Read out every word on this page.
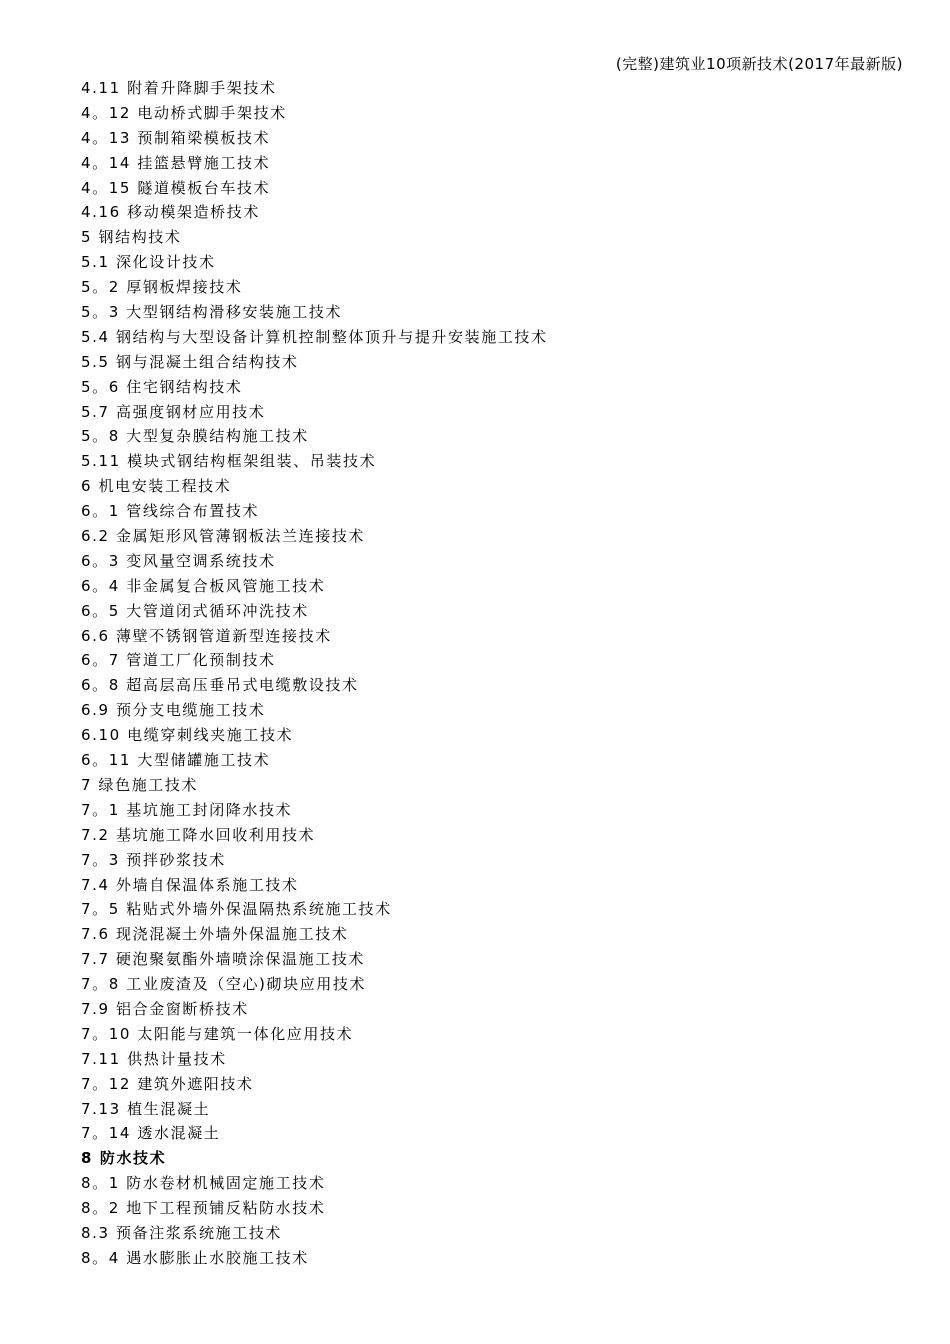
(完整)建筑业10项新技术(2017年最新版)
4.11 附着升降脚手架技术
4。12 电动桥式脚手架技术
4。13 预制箱梁模板技术
4。14 挂篮悬臂施工技术
4。15 隧道模板台车技术
4.16 移动模架造桥技术
5 钢结构技术
5.1 深化设计技术
5。2 厚钢板焊接技术
5。3 大型钢结构滑移安装施工技术
5.4 钢结构与大型设备计算机控制整体顶升与提升安装施工技术
5.5 钢与混凝土组合结构技术
5。6 住宅钢结构技术
5.7 高强度钢材应用技术
5。8 大型复杂膜结构施工技术
5.11 模块式钢结构框架组装、吊装技术
6 机电安装工程技术
6。1 管线综合布置技术
6.2 金属矩形风管薄钢板法兰连接技术
6。3 变风量空调系统技术
6。4 非金属复合板风管施工技术
6。5 大管道闭式循环冲洗技术
6.6 薄壁不锈钢管道新型连接技术
6。7 管道工厂化预制技术
6。8 超高层高压垂吊式电缆敷设技术
6.9 预分支电缆施工技术
6.10 电缆穿刺线夹施工技术
6。11 大型储罐施工技术
7 绿色施工技术
7。1 基坑施工封闭降水技术
7.2 基坑施工降水回收利用技术
7。3 预拌砂浆技术
7.4 外墙自保温体系施工技术
7。5 粘贴式外墙外保温隔热系统施工技术
7.6 现浇混凝土外墙外保温施工技术
7.7 硬泡聚氨酯外墙喷涂保温施工技术
7。8 工业废渣及（空心)砌块应用技术
7.9 铝合金窗断桥技术
7。10 太阳能与建筑一体化应用技术
7.11 供热计量技术
7。12 建筑外遮阳技术
7.13 植生混凝土
7。14 透水混凝土
8 防水技术
8。1 防水卷材机械固定施工技术
8。2 地下工程预铺反粘防水技术
8.3 预备注浆系统施工技术
8。4 遇水膨胀止水胶施工技术
